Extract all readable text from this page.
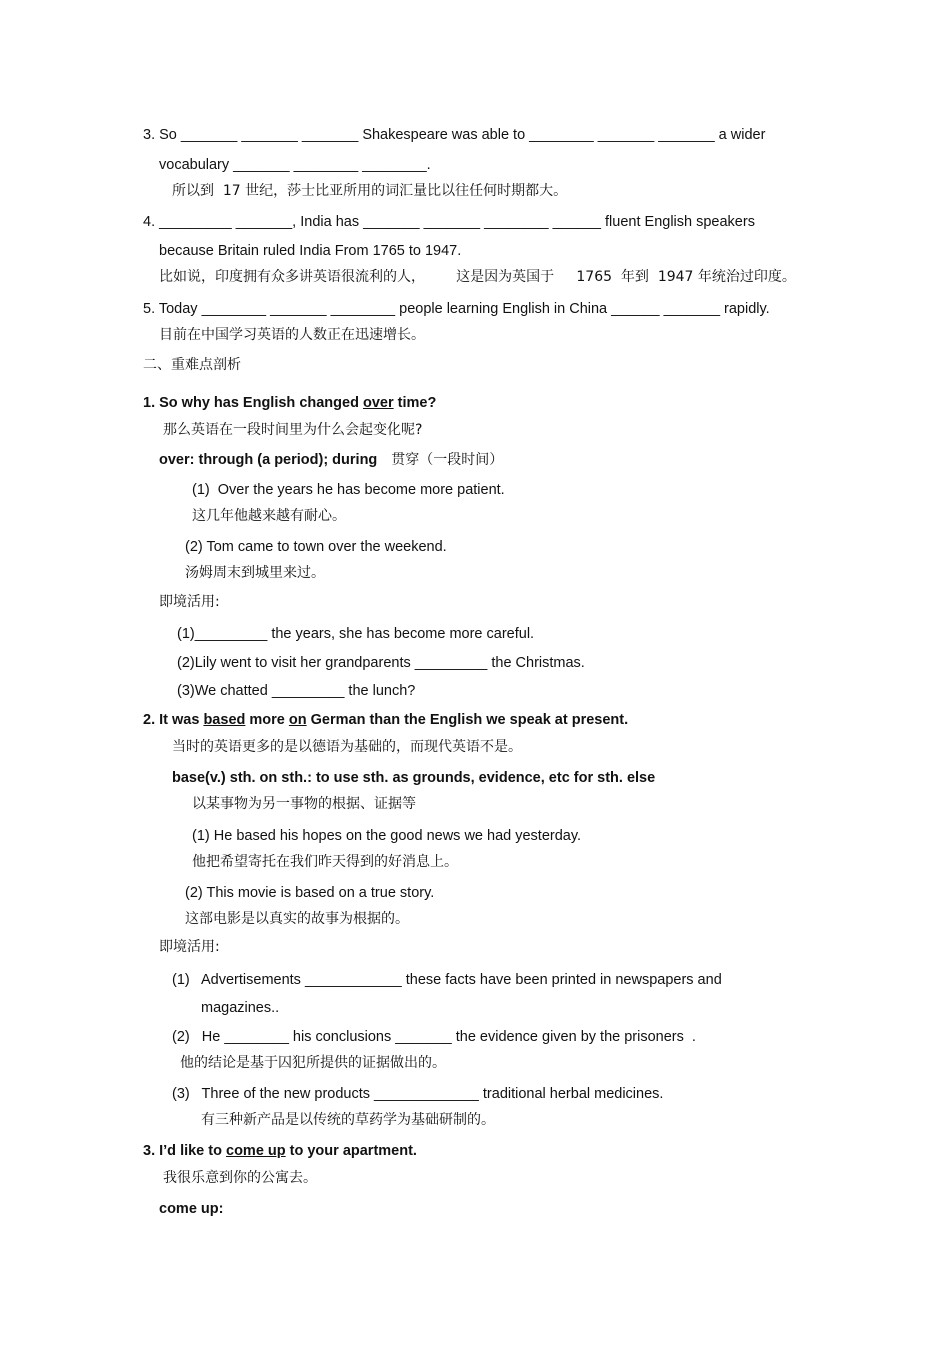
3. So _______ _______ _______ Shakespeare was able to ________ _______ _______ a wider
vocabulary _______ ________ ________.
所以到  17 世纪，莎士比亚所用的词汇量比以往任何时期都大。
4. _________ _______, India has _______ _______ ________ ______ fluent English speakers
because Britain ruled India From 1765 to 1947.
比如说，印度拥有众多讲英语很流利的人，       这是因为英国于     1765  年到  1947 年统治过印度。
5. Today ________ _______ ________ people learning English in China ______ _______ rapidly.
目前在中国学习英语的人数正在迅速增长。
二、重难点剖析
1. So why has English changed over time?
那么英语在一段时间里为什么会起变化呢?
over: through (a period); during 贯穿（一段时间）
(1)  Over the years he has become more patient.
这几年他越来越有耐心。
(2) Tom came to town over the weekend.
汤姆周末到城里来过。
即境活用:
(1)_________ the years, she has become more careful.
(2)Lily went to visit her grandparents _________ the Christmas.
(3)We chatted _________ the lunch?
2. It was based more on German than the English we speak at present.
当时的英语更多的是以德语为基础的，而现代英语不是。
base(v.) sth. on sth.: to use sth. as grounds, evidence, etc for sth. else
以某事物为另一事物的根据、证据等
(1) He based his hopes on the good news we had yesterday.
他把希望寄托在我们昨天得到的好消息上。
(2) This movie is based on a true story.
这部电影是以真实的故事为根据的。
即境活用:
(1)   Advertisements ____________ these facts have been printed in newspapers and
magazines..
(2)   He ________ his conclusions _______ the evidence given by the prisoners  .
他的结论是基于囚犯所提供的证据做出的。
(3)   Three of the new products _____________ traditional herbal medicines.
有三种新产品是以传统的草药学为基础研制的。
3. I’d like to come up to your apartment.
我很乐意到你的公寓去。
come up:
